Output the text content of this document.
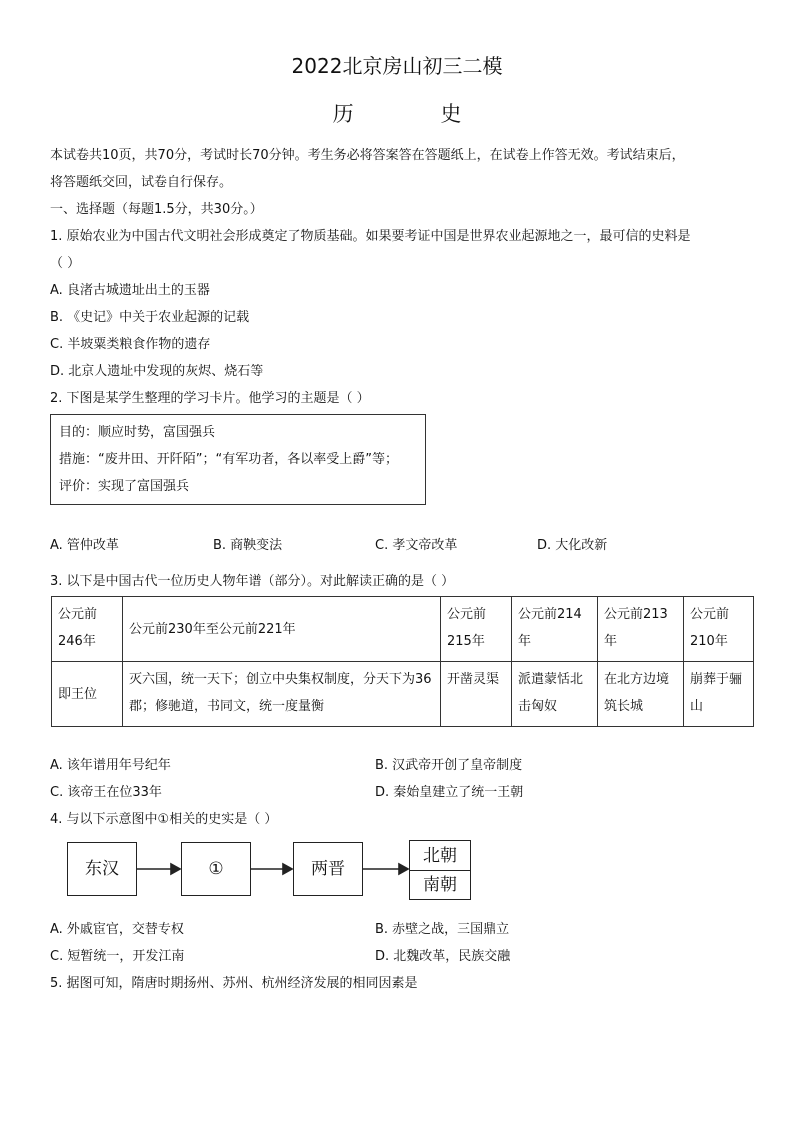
2022北京房山初三二模
历 史
本试卷共10页，共70分，考试时长70分钟。考生务必将答案答在答题纸上，在试卷上作答无效。考试结束后，
将答题纸交回，试卷自行保存。
一、选择题（每题1.5分，共30分。）
1. 原始农业为中国古代文明社会形成奠定了物质基础。如果要考证中国是世界农业起源地之一，最可信的史料是
（ ）
A. 良渚古城遗址出土的玉器
B. 《史记》中关于农业起源的记载
C. 半坡粟类粮食作物的遗存
D. 北京人遗址中发现的灰烬、烧石等
2. 下图是某学生整理的学习卡片。他学习的主题是（ ）
目的：顺应时势，富国强兵
措施：“废井田、开阡陌”；“有军功者，各以率受上爵”等；
评价：实现了富国强兵
A. 管仲改革	B. 商鞅变法	C. 孝文帝改革	D. 大化改新
3. 以下是中国古代一位历史人物年谱（部分）。对此解读正确的是（ ）
公元前246年	公元前230年至公元前221年	公元前215年	公元前214年	公元前213年	公元前210年
即王位	灭六国，统一天下；创立中央集权制度，分天下为36郡；修驰道，书同文，统一度量衡	开凿灵渠	派遣蒙恬北击匈奴	在北方边境筑长城	崩葬于骊山
A. 该年谱用年号纪年	B. 汉武帝开创了皇帝制度
C. 该帝王在位33年	D. 秦始皇建立了统一王朝
4. 与以下示意图中①相关的史实是（ ）
东汉	①	两晋
北朝
南朝
A. 外戚宦官，交替专权	B. 赤壁之战，三国鼎立
C. 短暂统一，开发江南	D. 北魏改革，民族交融
5. 据图可知，隋唐时期扬州、苏州、杭州经济发展的相同因素是
